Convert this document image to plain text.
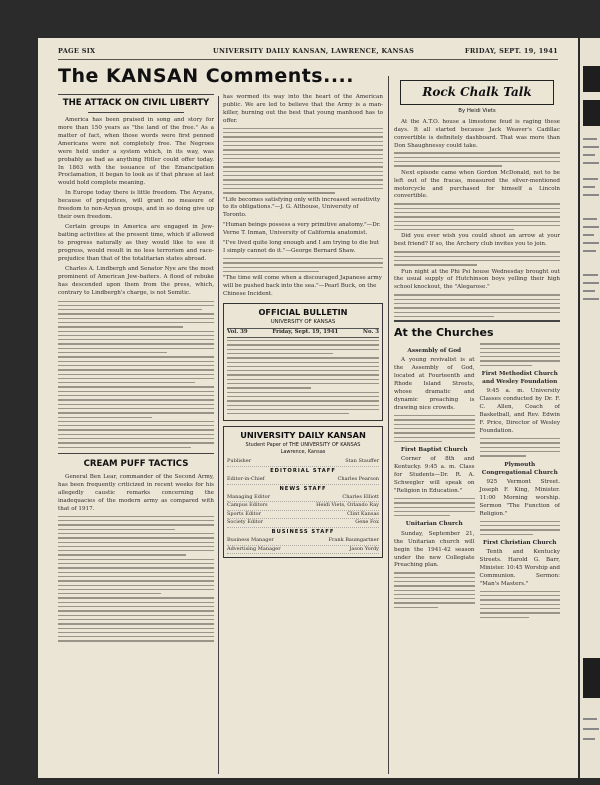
PAGE SIX	UNIVERSITY DAILY KANSAN, LAWRENCE, KANSAS	FRIDAY, SEPT. 19, 1941
The KANSAN Comments....
THE ATTACK ON CIVIL LIBERTY

America has been praised in song and story for more than 150 years as "the land of the free." As a matter of fact, when those words were first penned Americans were not completely free. The Negroes were held under a system which, in its way, was probably as bad as anything Hitler could offer today. In 1863 with the issuance of the Emancipation Proclamation, it began to look as if that phrase at last would hold complete meaning.

In Europe today there is little freedom. The Aryans, because of prejudices, will grant no measure of freedom to non-Aryan groups, and in so doing give up their own freedom.

Certain groups in America are engaged in Jew-baiting activities at the present time, which if allowed to progress naturally as they would like to see it progress, would result in no less terrorism and race-prejudice than that of the totalitarian states abroad.

Charles A. Lindbergh and Senator Nye are the most prominent of American Jew-baiters. A flood of rebuke has descended upon them from the press, which, contrary to Lindbergh's charge, is not Semitic.

CREAM PUFF TACTICS

General Ben Lear, commander of the Second Army, has been frequently criticized in recent weeks for his allegedly caustic remarks concerning the inadequacies of the modern army as compared with that of 1917.

has wormed its way into the heart of the American public. We are led to believe that the Army is a man-killer, burning out the best that young manhood has to offer.

"Life becomes satisfying only with increased sensitivity to its obligations."—J. G. Althouse, University of Toronto.

"Human beings possess a very primitive anatomy."—Dr. Verne T. Inman, University of California anatomist.

"I've lived quite long enough and I am trying to die but I simply cannot do it."—George Bernard Shaw.

"The time will come when a discouraged Japanese army will be pushed back into the sea."—Pearl Buck, on the Chinese Incident.

OFFICIAL BULLETIN
UNIVERSITY OF KANSAS
Vol. 39	Friday, Sept. 19, 1941	No. 3
UNIVERSITY DAILY KANSAN
Student Paper of THE UNIVERSITY OF KANSAS
Lawrence, Kansas
Publisher	Stan Stauffer
EDITORIAL STAFF
Editor-in-Chief	Charles Pearson
NEWS STAFF
Managing Editor	Charles Elliott
Campus Editors	Heidi Viets, Orlando Ray
Sports Editor	Clint Kansas
Society Editor	Gene Fox
BUSINESS STAFF
Business Manager	Frank Baumgartner
Advertising Manager	Jason Yordy
Rock Chalk Talk
By Heidi Viets

At the A.T.O. house a limestone feud is raging these days. It all started because Jack Weaver's Cadillac convertible is definitely dashboard. That was more than Don Shaughnessy could take.

Next episode came when Gordon McDonald, not to be left out of the fracas, measured the silver-mentioned motorcycle and purchased for himself a Lincoln convertible.

Did you ever wish you could shoot an arrow at your best friend? If so, the Archery club invites you to join.

Fun night at the Phi Psi house Wednesday brought out the usual supply of Hutchinson boys yelling their high school knockout, the "Alegarose."

At the Churches
Assembly of God

A young revivalist is at the Assembly of God, located at Fourteenth and Rhode Island Streets, whose dramatic and dynamic preaching is drawing nice crowds.

First Baptist Church

Corner of 8th and Kentucky. 9:45 a. m. Class for Students—Dr. R. A. Schwegler will speak on "Religion in Education."

Unitarian Church

Sunday, September 21, the Unitarian church will begin the 1941-42 season under the new Collegiate Preaching plan.

First Methodist Church and Wesley Foundation

9:45 a. m. University Classes conducted by Dr. F. C. Allen, Coach of Basketball, and Rev. Edwin F. Price, Director of Wesley Foundation.

Plymouth Congregational Church

925 Vermont Street. Joseph F. King, Minister. 11:00 Morning worship. Sermon "The Function of Religion."

First Christian Church

Tenth and Kentucky Streets. Harold G. Barr, Minister. 10:45 Worship and Communion. Sermon: "Man's Masters."
